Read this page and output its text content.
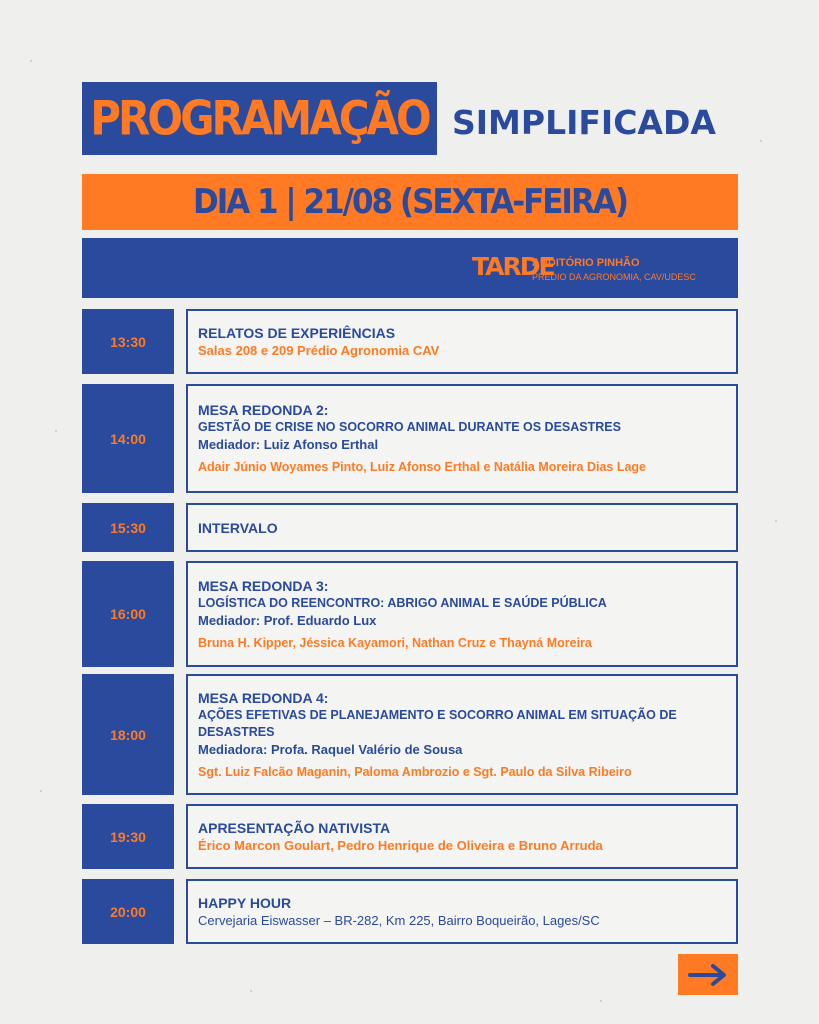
PROGRAMAÇÃO SIMPLIFICADA
DIA 1 | 21/08 (SEXTA-FEIRA)
TARDE
AUDITÓRIO PINHÃO
PRÉDIO DA AGRONOMIA, CAV/UDESC
13:30
RELATOS DE EXPERIÊNCIAS
Salas 208 e 209 Prédio Agronomia CAV
14:00
MESA REDONDA 2:
GESTÃO DE CRISE NO SOCORRO ANIMAL DURANTE OS DESASTRES
Mediador: Luiz Afonso Erthal
Adair Júnio Woyames Pinto, Luiz Afonso Erthal e Natália Moreira Dias Lage
15:30	INTERVALO
16:00
MESA REDONDA 3:
LOGÍSTICA DO REENCONTRO: ABRIGO ANIMAL E SAÚDE PÚBLICA
Mediador: Prof. Eduardo Lux
Bruna H. Kipper, Jéssica Kayamori, Nathan Cruz e Thayná Moreira
18:00
MESA REDONDA 4:
AÇÕES EFETIVAS DE PLANEJAMENTO E SOCORRO ANIMAL EM SITUAÇÃO DE DESASTRES
Mediadora: Profa. Raquel Valério de Sousa
Sgt. Luiz Falcão Maganin, Paloma Ambrozio e Sgt. Paulo da Silva Ribeiro
19:30
APRESENTAÇÃO NATIVISTA
Érico Marcon Goulart, Pedro Henrique de Oliveira e Bruno Arruda
20:00
HAPPY HOUR
Cervejaria Eiswasser – BR-282, Km 225, Bairro Boqueirão, Lages/SC
